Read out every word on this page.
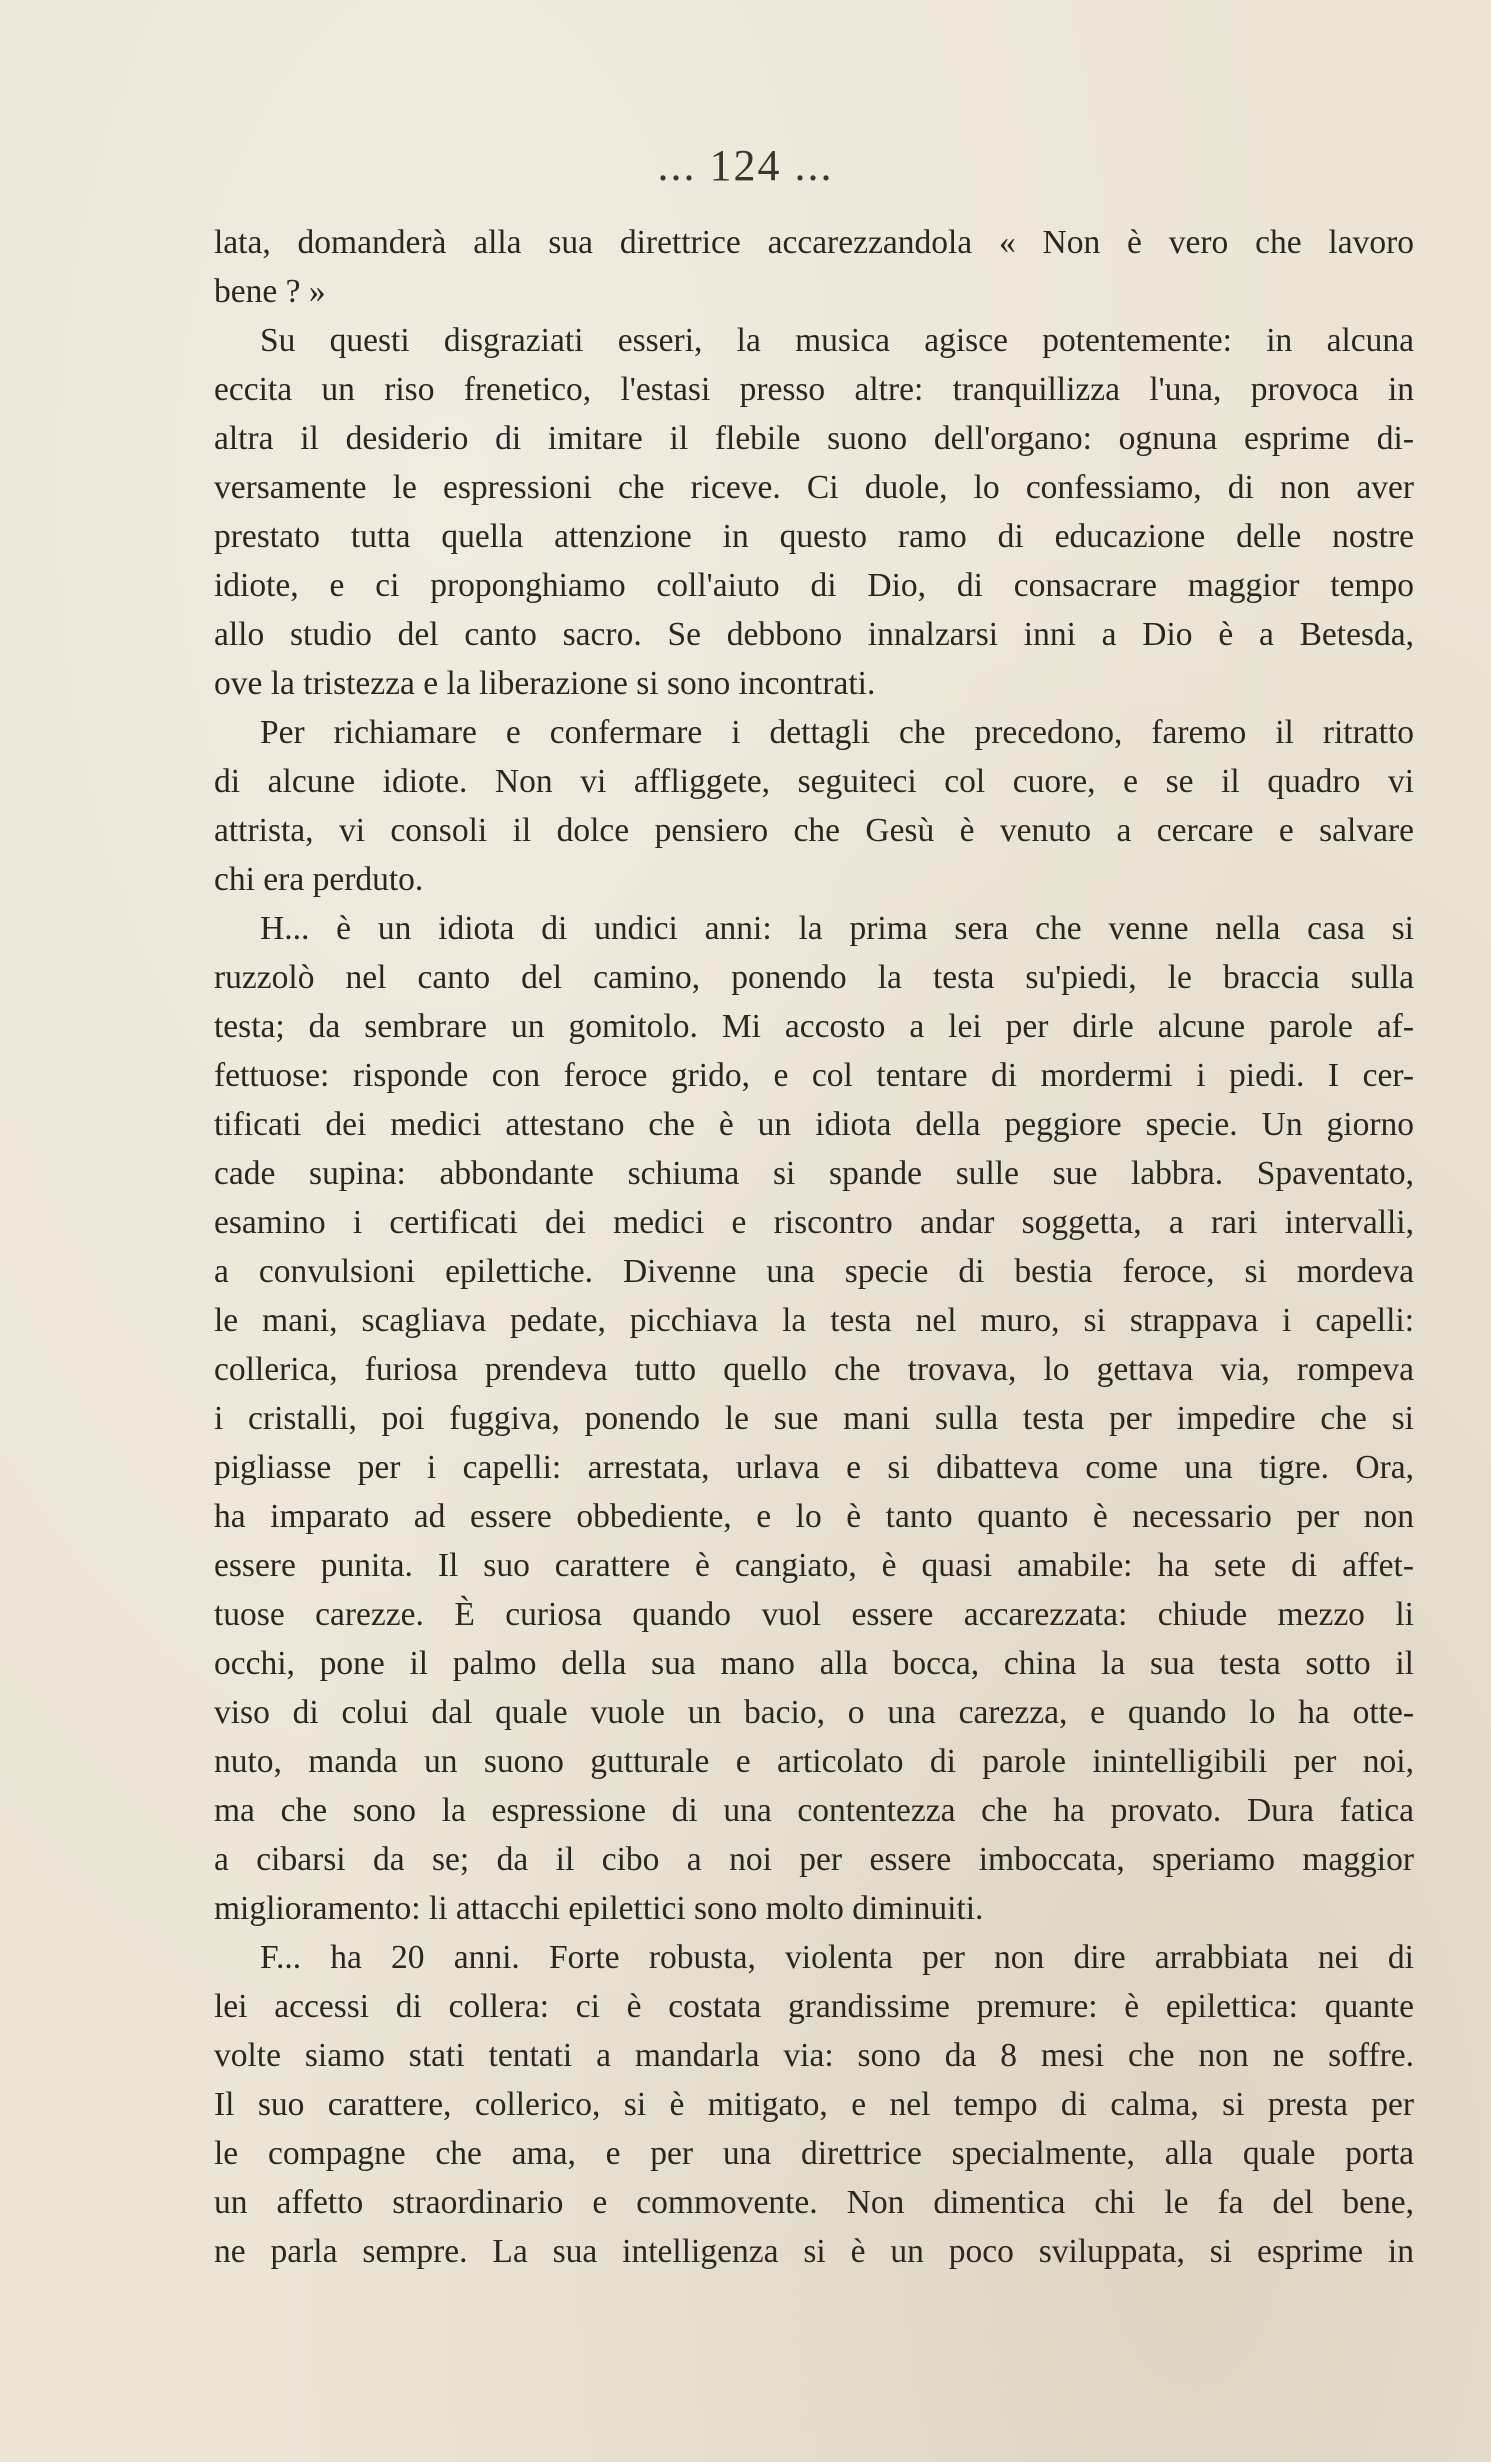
... 124 ...
lata, domanderà alla sua direttrice accarezzandola « Non è vero che lavoro
bene ? »
Su questi disgraziati esseri, la musica agisce potentemente: in alcuna
eccita un riso frenetico, l'estasi presso altre: tranquillizza l'una, provoca in
altra il desiderio di imitare il flebile suono dell'organo: ognuna esprime di-
versamente le espressioni che riceve. Ci duole, lo confessiamo, di non aver
prestato tutta quella attenzione in questo ramo di educazione delle nostre
idiote, e ci proponghiamo coll'aiuto di Dio, di consacrare maggior tempo
allo studio del canto sacro. Se debbono innalzarsi inni a Dio è a Betesda,
ove la tristezza e la liberazione si sono incontrati.
Per richiamare e confermare i dettagli che precedono, faremo il ritratto
di alcune idiote. Non vi affliggete, seguiteci col cuore, e se il quadro vi
attrista, vi consoli il dolce pensiero che Gesù è venuto a cercare e salvare
chi era perduto.
H... è un idiota di undici anni: la prima sera che venne nella casa si
ruzzolò nel canto del camino, ponendo la testa su'piedi, le braccia sulla
testa; da sembrare un gomitolo. Mi accosto a lei per dirle alcune parole af-
fettuose: risponde con feroce grido, e col tentare di mordermi i piedi. I cer-
tificati dei medici attestano che è un idiota della peggiore specie. Un giorno
cade supina: abbondante schiuma si spande sulle sue labbra. Spaventato,
esamino i certificati dei medici e riscontro andar soggetta, a rari intervalli,
a convulsioni epilettiche. Divenne una specie di bestia feroce, si mordeva
le mani, scagliava pedate, picchiava la testa nel muro, si strappava i capelli:
collerica, furiosa prendeva tutto quello che trovava, lo gettava via, rompeva
i cristalli, poi fuggiva, ponendo le sue mani sulla testa per impedire che si
pigliasse per i capelli: arrestata, urlava e si dibatteva come una tigre. Ora,
ha imparato ad essere obbediente, e lo è tanto quanto è necessario per non
essere punita. Il suo carattere è cangiato, è quasi amabile: ha sete di affet-
tuose carezze. È curiosa quando vuol essere accarezzata: chiude mezzo li
occhi, pone il palmo della sua mano alla bocca, china la sua testa sotto il
viso di colui dal quale vuole un bacio, o una carezza, e quando lo ha otte-
nuto, manda un suono gutturale e articolato di parole inintelligibili per noi,
ma che sono la espressione di una contentezza che ha provato. Dura fatica
a cibarsi da se; da il cibo a noi per essere imboccata, speriamo maggior
miglioramento: li attacchi epilettici sono molto diminuiti.
F... ha 20 anni. Forte robusta, violenta per non dire arrabbiata nei di
lei accessi di collera: ci è costata grandissime premure: è epilettica: quante
volte siamo stati tentati a mandarla via: sono da 8 mesi che non ne soffre.
Il suo carattere, collerico, si è mitigato, e nel tempo di calma, si presta per
le compagne che ama, e per una direttrice specialmente, alla quale porta
un affetto straordinario e commovente. Non dimentica chi le fa del bene,
ne parla sempre. La sua intelligenza si è un poco sviluppata, si esprime in
